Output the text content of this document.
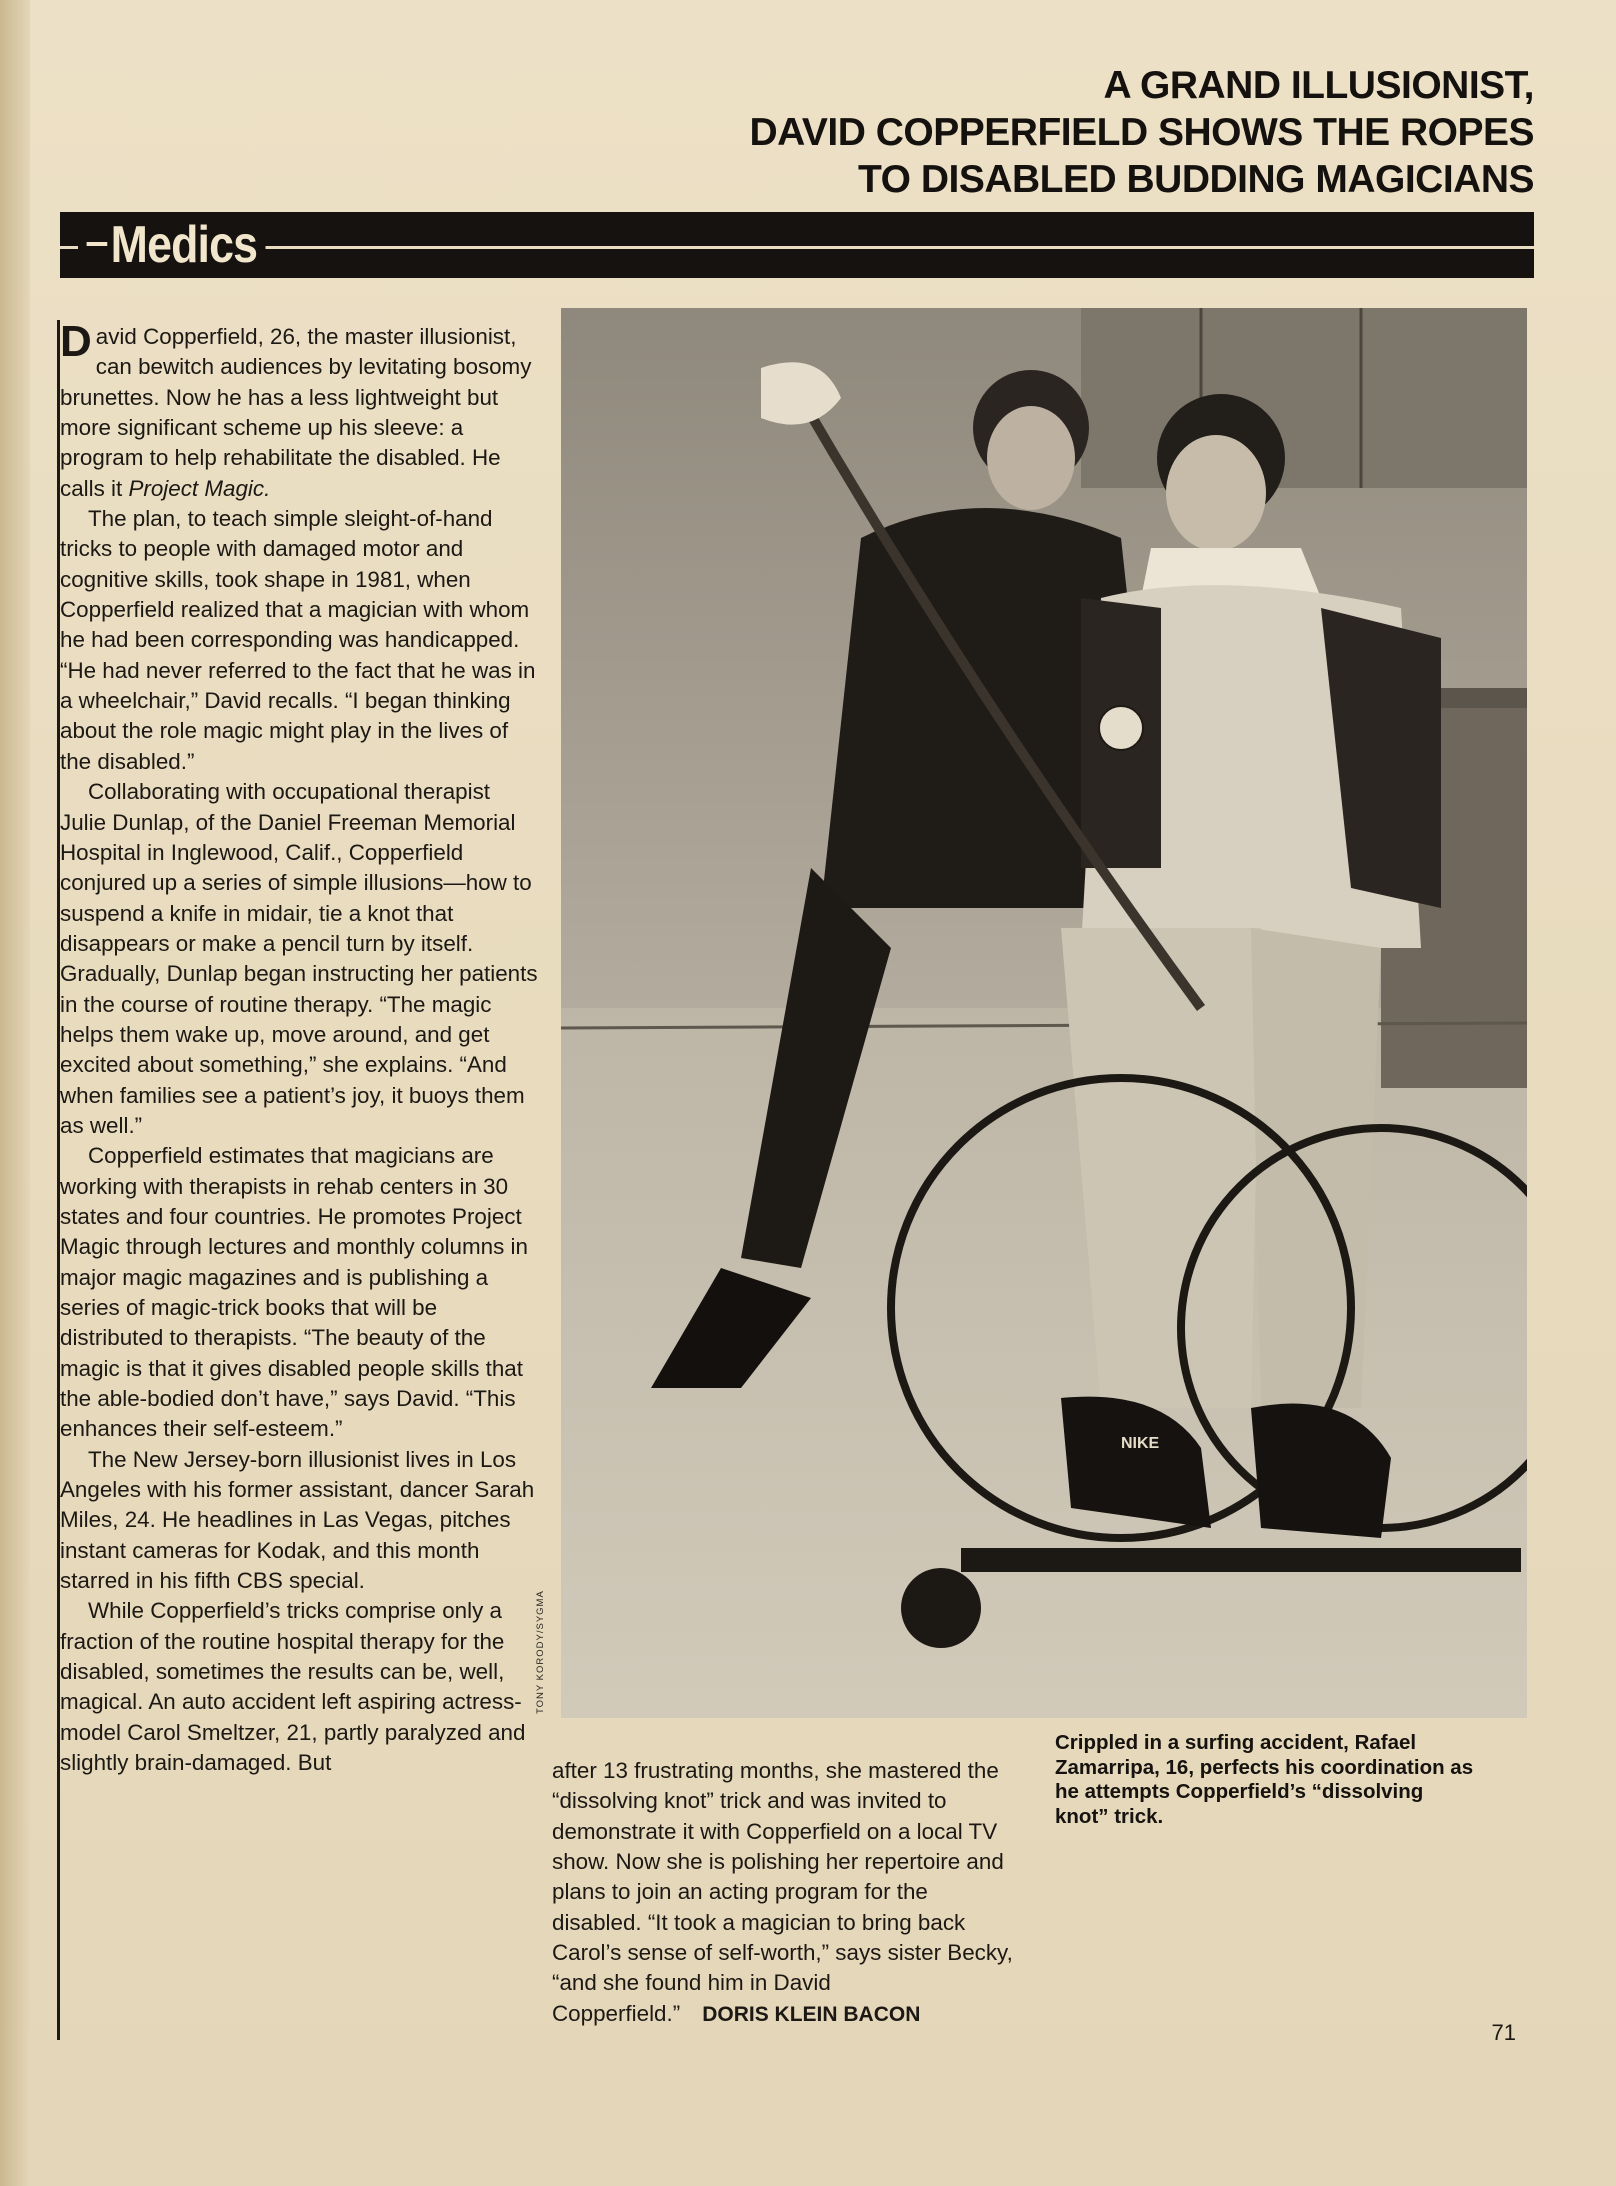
A GRAND ILLUSIONIST,
DAVID COPPERFIELD SHOWS THE ROPES
TO DISABLED BUDDING MAGICIANS
Medics

David Copperfield, 26, the master illusionist, can bewitch audiences by levitating bosomy brunettes. Now he has a less lightweight but more significant scheme up his sleeve: a program to help rehabilitate the disabled. He calls it Project Magic.

The plan, to teach simple sleight-of-hand tricks to people with damaged motor and cognitive skills, took shape in 1981, when Copperfield realized that a magician with whom he had been corresponding was handicapped. “He had never referred to the fact that he was in a wheelchair,” David recalls. “I began thinking about the role magic might play in the lives of the disabled.”

Collaborating with occupational therapist Julie Dunlap, of the Daniel Freeman Memorial Hospital in Inglewood, Calif., Copperfield conjured up a series of simple illusions—how to suspend a knife in midair, tie a knot that disappears or make a pencil turn by itself. Gradually, Dunlap began instructing her patients in the course of routine therapy. “The magic helps them wake up, move around, and get excited about something,” she explains. “And when families see a patient’s joy, it buoys them as well.”

Copperfield estimates that magicians are working with therapists in rehab centers in 30 states and four countries. He promotes Project Magic through lectures and monthly columns in major magic magazines and is publishing a series of magic-trick books that will be distributed to therapists. “The beauty of the magic is that it gives disabled people skills that the able-bodied don’t have,” says David. “This enhances their self-esteem.”

The New Jersey-born illusionist lives in Los Angeles with his former assistant, dancer Sarah Miles, 24. He headlines in Las Vegas, pitches instant cameras for Kodak, and this month starred in his fifth CBS special.

While Copperfield’s tricks comprise only a fraction of the routine hospital therapy for the disabled, sometimes the results can be, well, magical. An auto accident left aspiring actress-model Carol Smeltzer, 21, partly paralyzed and slightly brain-damaged. But

NIKE
TONY KORODY/SYGMA

after 13 frustrating months, she mastered the “dissolving knot” trick and was invited to demonstrate it with Copperfield on a local TV show. Now she is polishing her repertoire and plans to join an acting program for the disabled. “It took a magician to bring back Carol’s sense of self-worth,” says sister Becky, “and she found him in David Copperfield.” DORIS KLEIN BACON

Crippled in a surfing accident, Rafael Zamarripa, 16, perfects his coordination as he attempts Copperfield’s “dissolving knot” trick.
71
